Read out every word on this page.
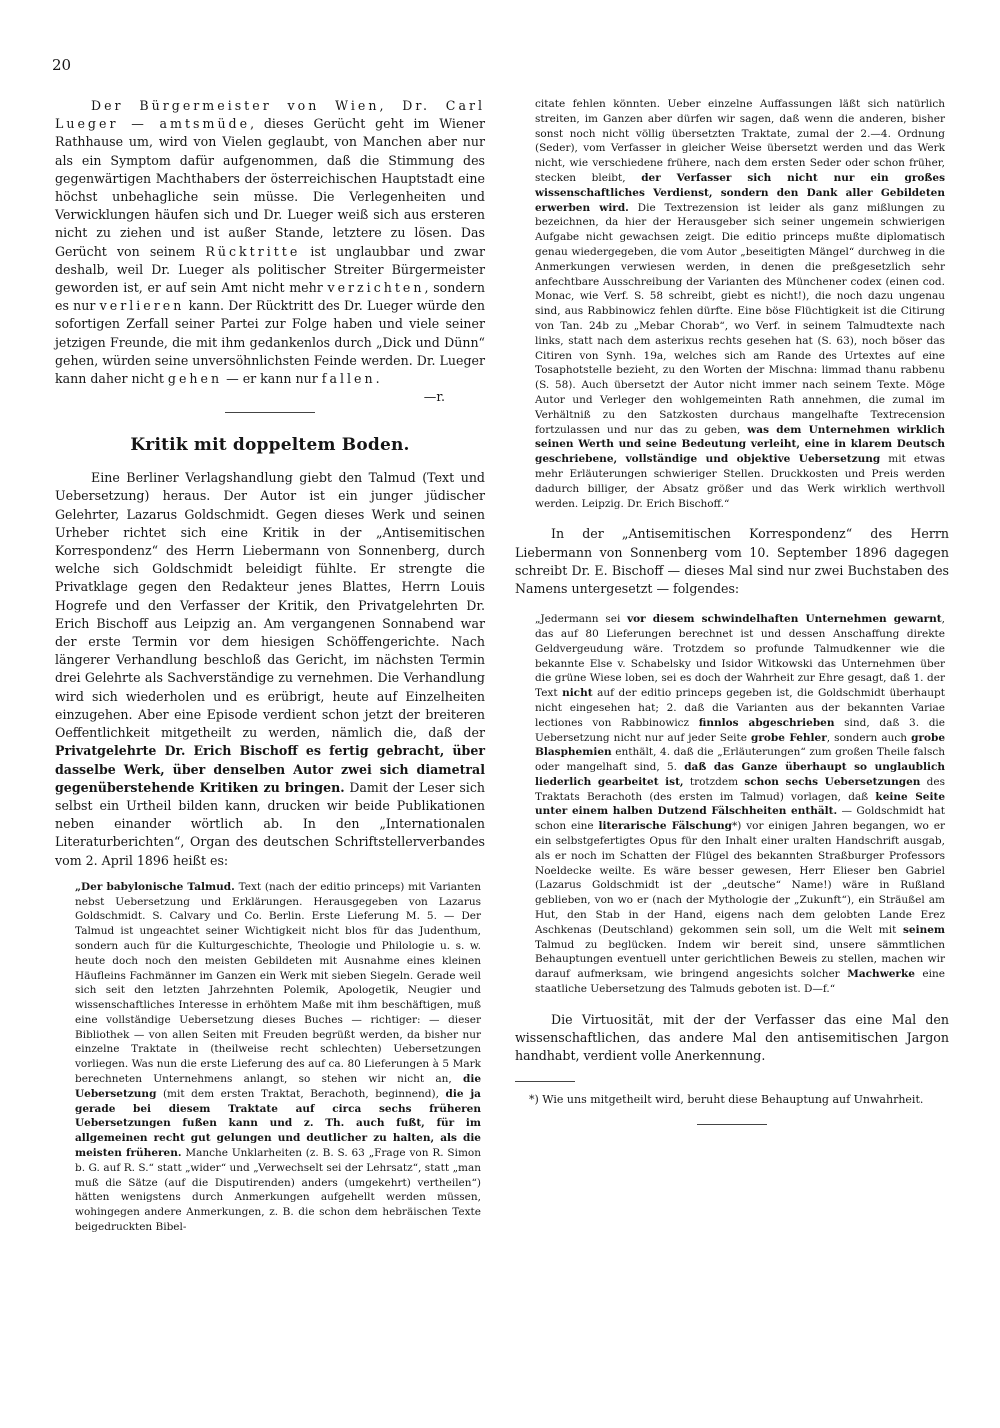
20

Der Bürgermeister von Wien, Dr. Carl Lueger — amtsmüde, dieses Gerücht geht im Wiener Rathhause um, wird von Vielen geglaubt, von Manchen aber nur als ein Symptom dafür aufgenommen, daß die Stimmung des gegenwärtigen Machthabers der österreichischen Hauptstadt eine höchst unbehagliche sein müsse. Die Verlegenheiten und Verwicklungen häufen sich und Dr. Lueger weiß sich aus ersteren nicht zu ziehen und ist außer Stande, letztere zu lösen. Das Gerücht von seinem Rücktritte ist unglaubbar und zwar deshalb, weil Dr. Lueger als politischer Streiter Bürgermeister geworden ist, er auf sein Amt nicht mehr verzichten, sondern es nur verlieren kann. Der Rücktritt des Dr. Lueger würde den sofortigen Zerfall seiner Partei zur Folge haben und viele seiner jetzigen Freunde, die mit ihm gedankenlos durch „Dick und Dünn“ gehen, würden seine unversöhnlichsten Feinde werden. Dr. Lueger kann daher nicht gehen — er kann nur fallen.

—r.
Kritik mit doppeltem Boden.

Eine Berliner Verlagshandlung giebt den Talmud (Text und Uebersetzung) heraus. Der Autor ist ein junger jüdischer Gelehrter, Lazarus Goldschmidt. Gegen dieses Werk und seinen Urheber richtet sich eine Kritik in der „Antisemitischen Korrespondenz“ des Herrn Liebermann von Sonnenberg, durch welche sich Goldschmidt beleidigt fühlte. Er strengte die Privatklage gegen den Redakteur jenes Blattes, Herrn Louis Hogrefe und den Verfasser der Kritik, den Privatgelehrten Dr. Erich Bischoff aus Leipzig an. Am vergangenen Sonnabend war der erste Termin vor dem hiesigen Schöffengerichte. Nach längerer Verhandlung beschloß das Gericht, im nächsten Termin drei Gelehrte als Sachverständige zu vernehmen. Die Verhandlung wird sich wiederholen und es erübrigt, heute auf Einzelheiten einzugehen. Aber eine Episode verdient schon jetzt der breiteren Oeffentlichkeit mitgetheilt zu werden, nämlich die, daß der Privatgelehrte Dr. Erich Bischoff es fertig gebracht, über dasselbe Werk, über denselben Autor zwei sich diametral gegenüberstehende Kritiken zu bringen. Damit der Leser sich selbst ein Urtheil bilden kann, drucken wir beide Publikationen neben einander wörtlich ab. In den „Internationalen Literaturberichten“, Organ des deutschen Schriftstellerverbandes vom 2. April 1896 heißt es:

„Der babylonische Talmud. Text (nach der editio princeps) mit Varianten nebst Uebersetzung und Erklärungen. Herausgegeben von Lazarus Goldschmidt. S. Calvary und Co. Berlin. Erste Lieferung M. 5. — Der Talmud ist ungeachtet seiner Wichtigkeit nicht blos für das Judenthum, sondern auch für die Kulturgeschichte, Theologie und Philologie u. s. w. heute doch noch den meisten Gebildeten mit Ausnahme eines kleinen Häufleins Fachmänner im Ganzen ein Werk mit sieben Siegeln. Gerade weil sich seit den letzten Jahrzehnten Polemik, Apologetik, Neugier und wissenschaftliches Interesse in erhöhtem Maße mit ihm beschäftigen, muß eine vollständige Uebersetzung dieses Buches — richtiger: — dieser Bibliothek — von allen Seiten mit Freuden begrüßt werden, da bisher nur einzelne Traktate in (theilweise recht schlechten) Uebersetzungen vorliegen. Was nun die erste Lieferung des auf ca. 80 Lieferungen à 5 Mark berechneten Unternehmens anlangt, so stehen wir nicht an, die Uebersetzung (mit dem ersten Traktat, Berachoth, beginnend), die ja gerade bei diesem Traktate auf circa sechs früheren Uebersetzungen fußen kann und z. Th. auch fußt, für im allgemeinen recht gut gelungen und deutlicher zu halten, als die meisten früheren. Manche Unklarheiten (z. B. S. 63 „Frage von R. Simon b. G. auf R. S.“ statt „wider“ und „Verwechselt sei der Lehrsatz“, statt „man muß die Sätze (auf die Disputirenden) anders (umgekehrt) vertheilen“) hätten wenigstens durch Anmerkungen aufgehellt werden müssen, wohingegen andere Anmerkungen, z. B. die schon dem hebräischen Texte beigedruckten Bibel-

citate fehlen könnten. Ueber einzelne Auffassungen läßt sich natürlich streiten, im Ganzen aber dürfen wir sagen, daß wenn die anderen, bisher sonst noch nicht völlig übersetzten Traktate, zumal der 2.—4. Ordnung (Seder), vom Verfasser in gleicher Weise übersetzt werden und das Werk nicht, wie verschiedene frühere, nach dem ersten Seder oder schon früher, stecken bleibt, der Verfasser sich nicht nur ein großes wissenschaftliches Verdienst, sondern den Dank aller Gebildeten erwerben wird. Die Textrezension ist leider als ganz mißlungen zu bezeichnen, da hier der Herausgeber sich seiner ungemein schwierigen Aufgabe nicht gewachsen zeigt. Die editio princeps mußte diplomatisch genau wiedergegeben, die vom Autor „beseitigten Mängel“ durchweg in die Anmerkungen verwiesen werden, in denen die preßgesetzlich sehr anfechtbare Ausschreibung der Varianten des Münchener codex (einen cod. Monac, wie Verf. S. 58 schreibt, giebt es nicht!), die noch dazu ungenau sind, aus Rabbinowicz fehlen dürfte. Eine böse Flüchtigkeit ist die Citirung von Tan. 24b zu „Mebar Chorab“, wo Verf. in seinem Talmudtexte nach links, statt nach dem asterixus rechts gesehen hat (S. 63), noch böser das Citiren von Synh. 19a, welches sich am Rande des Urtextes auf eine Tosaphotstelle bezieht, zu den Worten der Mischna: limmad thanu rabbenu (S. 58). Auch übersetzt der Autor nicht immer nach seinem Texte. Möge Autor und Verleger den wohlgemeinten Rath annehmen, die zumal im Verhältniß zu den Satzkosten durchaus mangelhafte Textrecension fortzulassen und nur das zu geben, was dem Unternehmen wirklich seinen Werth und seine Bedeutung verleiht, eine in klarem Deutsch geschriebene, vollständige und objektive Uebersetzung mit etwas mehr Erläuterungen schwieriger Stellen. Druckkosten und Preis werden dadurch billiger, der Absatz größer und das Werk wirklich werthvoll werden. Leipzig. Dr. Erich Bischoff.“

In der „Antisemitischen Korrespondenz“ des Herrn Liebermann von Sonnenberg vom 10. September 1896 dagegen schreibt Dr. E. Bischoff — dieses Mal sind nur zwei Buchstaben des Namens untergesetzt — folgendes:

„Jedermann sei vor diesem schwindelhaften Unternehmen gewarnt, das auf 80 Lieferungen berechnet ist und dessen Anschaffung direkte Geldvergeudung wäre. Trotzdem so profunde Talmudkenner wie die bekannte Else v. Schabelsky und Isidor Witkowski das Unternehmen über die grüne Wiese loben, sei es doch der Wahrheit zur Ehre gesagt, daß 1. der Text nicht auf der editio princeps gegeben ist, die Goldschmidt überhaupt nicht eingesehen hat; 2. daß die Varianten aus der bekannten Variae lectiones von Rabbinowicz finnlos abgeschrieben sind, daß 3. die Uebersetzung nicht nur auf jeder Seite grobe Fehler, sondern auch grobe Blasphemien enthält, 4. daß die „Erläuterungen“ zum großen Theile falsch oder mangelhaft sind, 5. daß das Ganze überhaupt so unglaublich liederlich gearbeitet ist, trotzdem schon sechs Uebersetzungen des Traktats Berachoth (des ersten im Talmud) vorlagen, daß keine Seite unter einem halben Dutzend Fälschheiten enthält. — Goldschmidt hat schon eine literarische Fälschung*) vor einigen Jahren begangen, wo er ein selbstgefertigtes Opus für den Inhalt einer uralten Handschrift ausgab, als er noch im Schatten der Flügel des bekannten Straßburger Professors Noeldecke weilte. Es wäre besser gewesen, Herr Elieser ben Gabriel (Lazarus Goldschmidt ist der „deutsche“ Name!) wäre in Rußland geblieben, von wo er (nach der Mythologie der „Zukunft“), ein Sträußel am Hut, den Stab in der Hand, eigens nach dem gelobten Lande Erez Aschkenas (Deutschland) gekommen sein soll, um die Welt mit seinem Talmud zu beglücken. Indem wir bereit sind, unsere sämmtlichen Behauptungen eventuell unter gerichtlichen Beweis zu stellen, machen wir darauf aufmerksam, wie bringend angesichts solcher Machwerke eine staatliche Uebersetzung des Talmuds geboten ist. D—f.“

Die Virtuosität, mit der der Verfasser das eine Mal den wissenschaftlichen, das andere Mal den antisemitischen Jargon handhabt, verdient volle Anerkennung.

*) Wie uns mitgetheilt wird, beruht diese Behauptung auf Unwahrheit.
